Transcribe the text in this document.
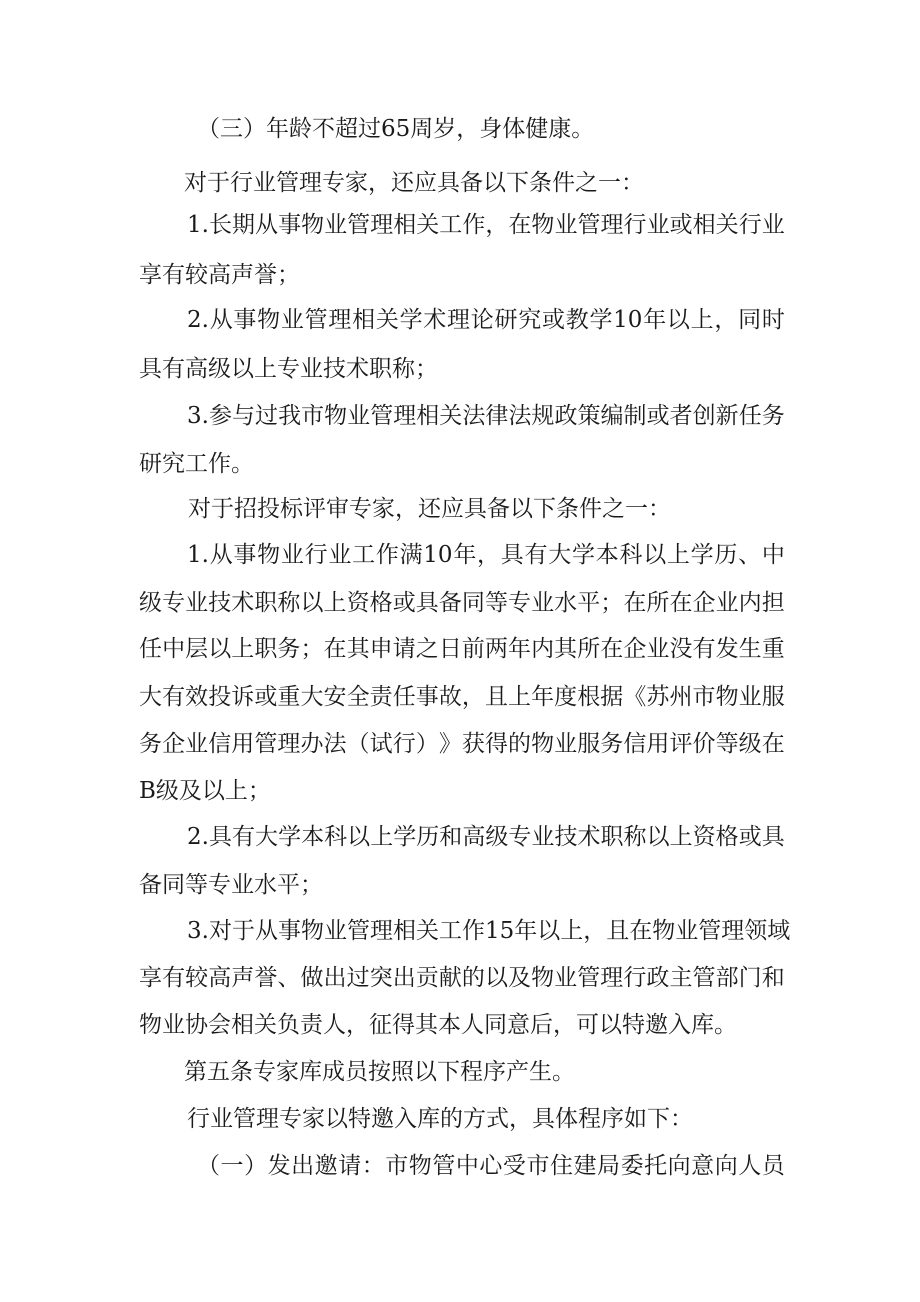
（三）年龄不超过65周岁，身体健康。
对于行业管理专家，还应具备以下条件之一：
1. 长 期 从 事 物 业 管 理 相 关 工 作 ， 在 物 业 管 理 行 业 或 相 关 行 业
享有较高声誉；
2. 从 事 物 业 管 理 相 关 学 术 理 论 研 究 或 教 学 10 年 以 上 ， 同 时
具有高级以上专业技术职称；
3. 参 与 过 我 市 物 业 管 理 相 关 法 律 法 规 政 策 编 制 或 者 创 新 任 务
研究工作。
对于招投标评审专家，还应具备以下条件之一：
1. 从 事 物 业 行 业 工 作 满 10 年 ， 具 有 大 学 本 科 以 上 学 历 、 中
级 专 业 技 术 职 称 以 上 资 格 或 具 备 同 等 专 业 水 平 ； 在 所 在 企 业 内 担
任 中 层 以 上 职 务 ； 在 其 申 请 之 日 前 两 年 内 其 所 在 企 业 没 有 发 生 重
大 有 效 投 诉 或 重 大 安 全 责 任 事 故 ， 且 上 年 度 根 据 《 苏 州 市 物 业 服
务 企 业 信 用 管 理 办 法 （ 试 行 ） 》 获 得 的 物 业 服 务 信 用 评 价 等 级 在
B级及以上；
2. 具 有 大 学 本 科 以 上 学 历 和 高 级 专 业 技 术 职 称 以 上 资 格 或 具
备同等专业水平；
3. 对 于 从 事 物 业 管 理 相 关 工 作 15 年 以 上 ， 且 在 物 业 管 理 领 域
享 有 较 高 声 誉 、 做 出 过 突 出 贡 献 的 以 及 物 业 管 理 行 政 主 管 部 门 和
物业协会相关负责人，征得其本人同意后，可以特邀入库。
第五条专家库成员按照以下程序产生。
行业管理专家以特邀入库的方式，具体程序如下：
（ 一 ） 发 出 邀 请 ： 市 物 管 中 心 受 市 住 建 局 委 托 向 意 向 人 员
